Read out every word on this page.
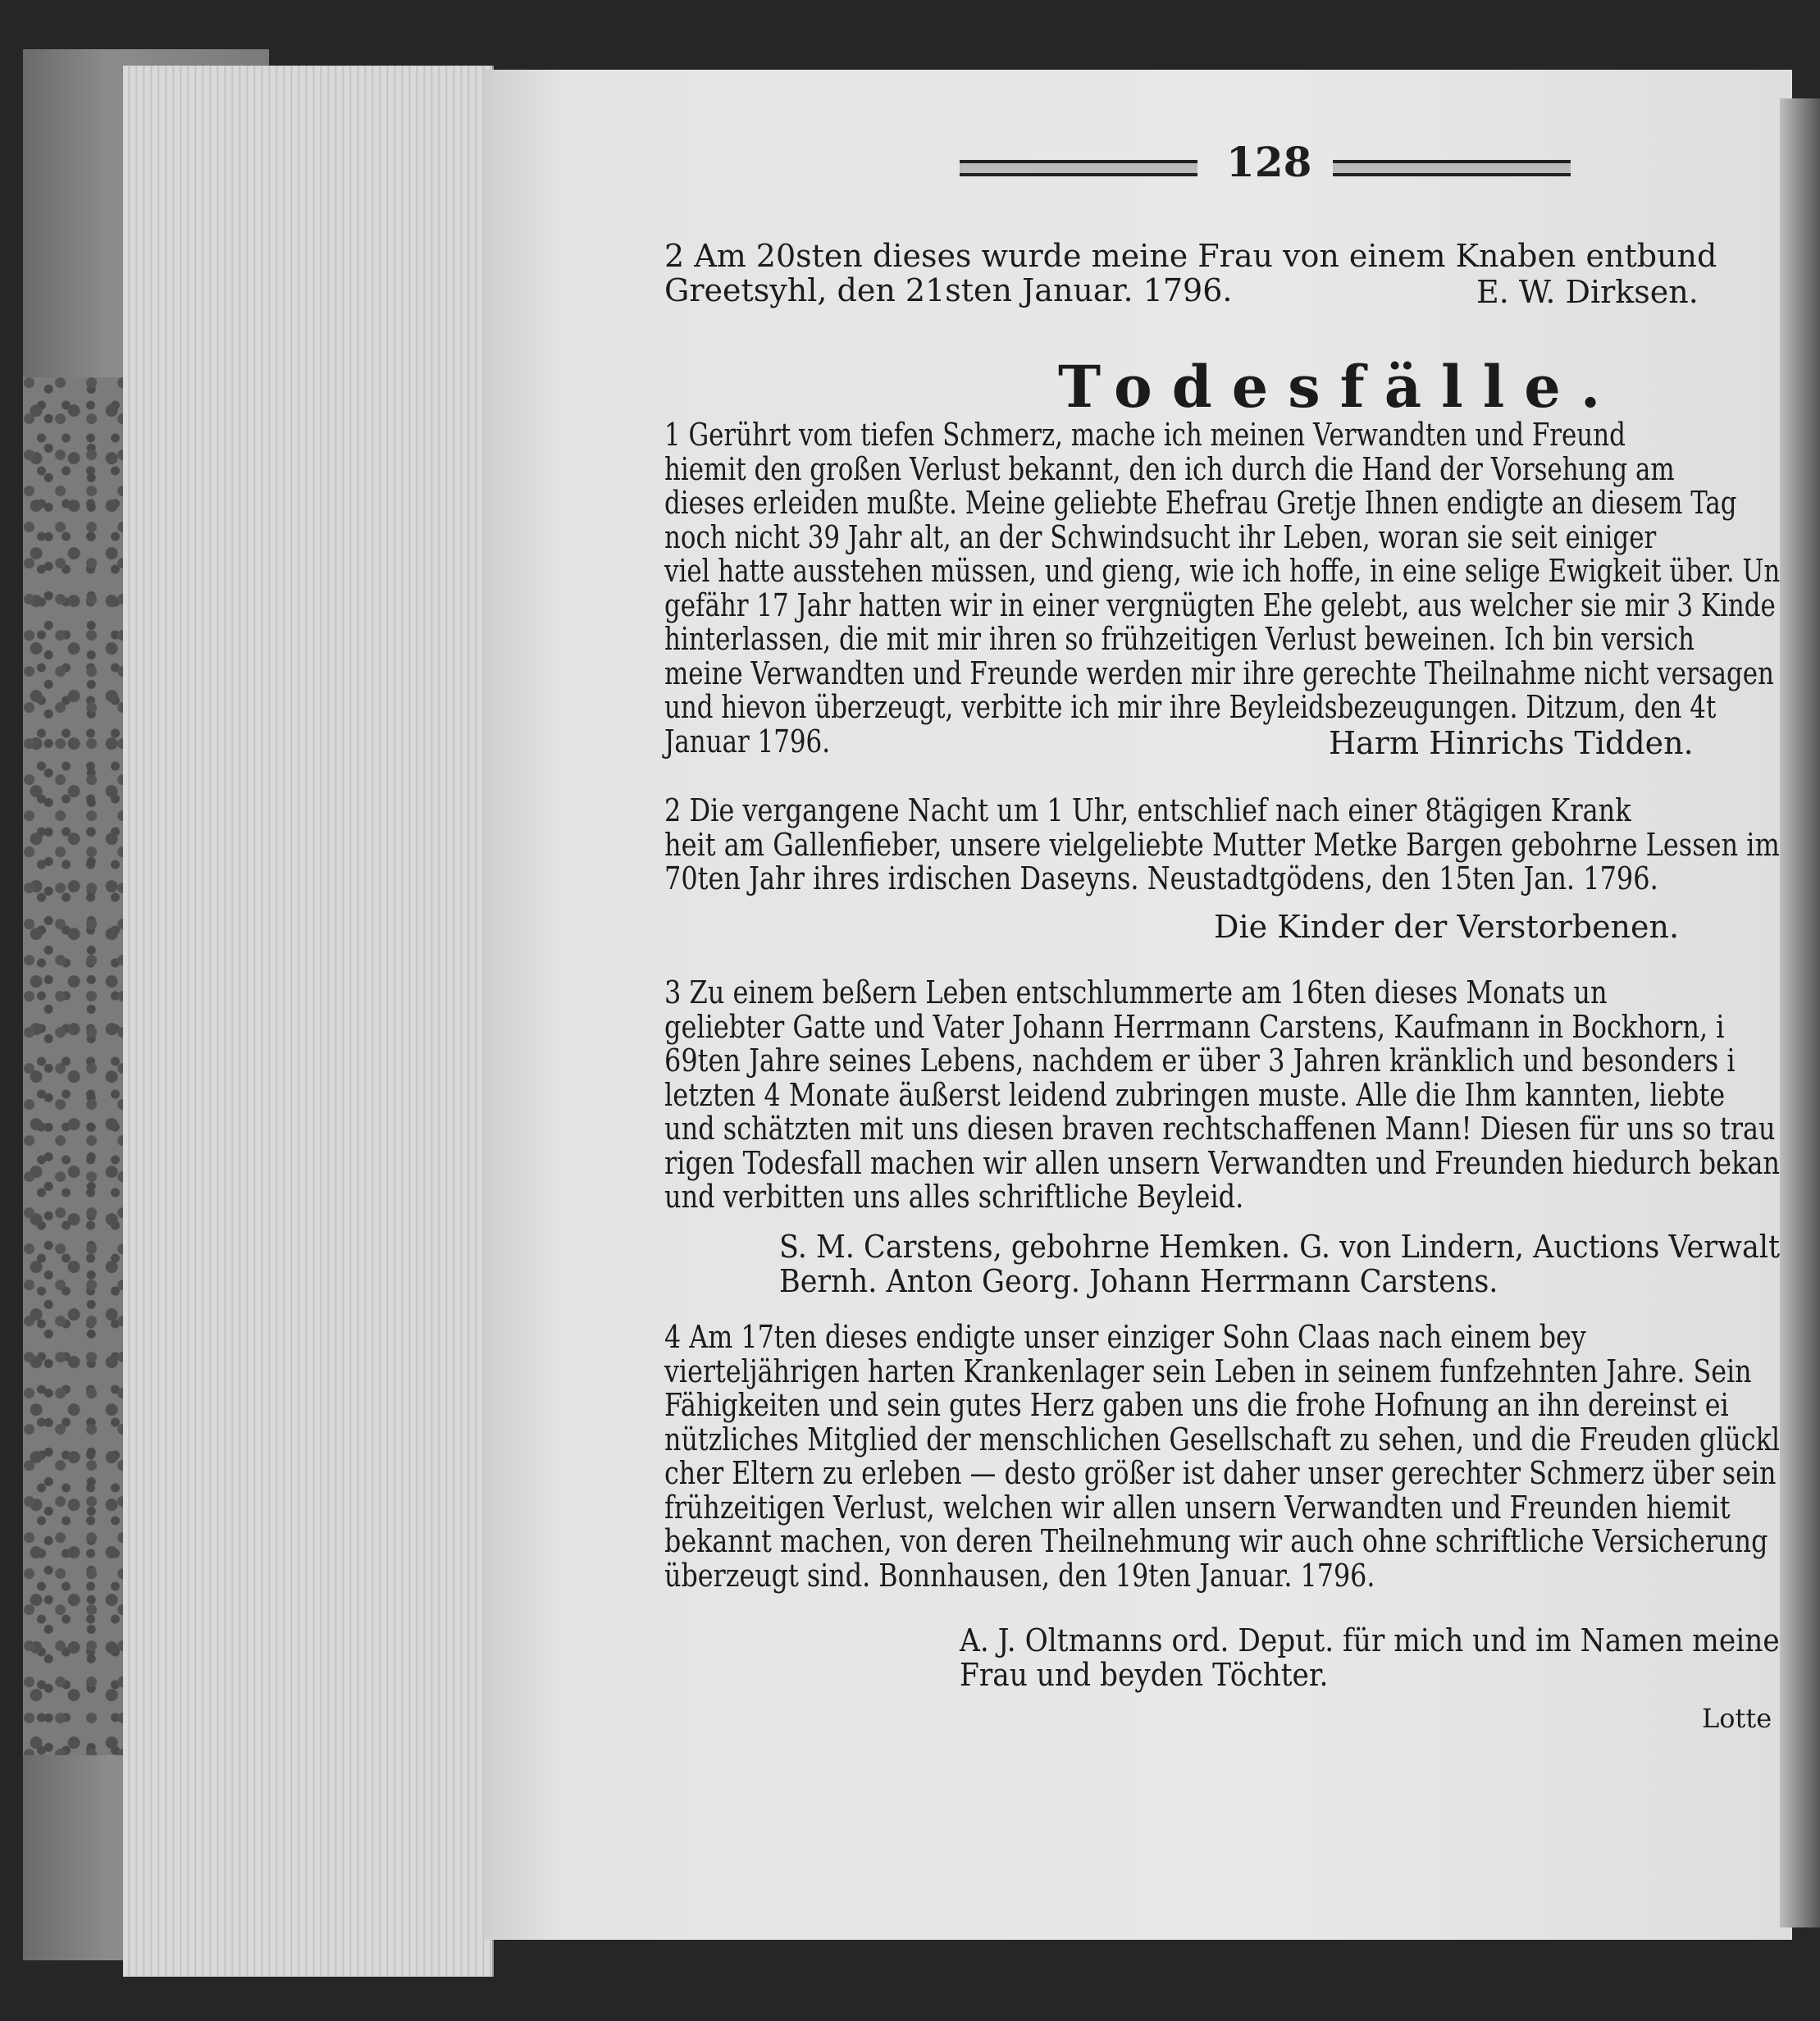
128
2 Am 20sten dieses wurde meine Frau von einem Knaben entbund
Greetsyhl, den 21sten Januar. 1796.	E. W. Dirksen.
Todesfälle.
1 Gerührt vom tiefen Schmerz, mache ich meinen Verwandten und Freund
hiemit den großen Verlust bekannt, den ich durch die Hand der Vorsehung am
dieses erleiden mußte. Meine geliebte Ehefrau Gretje Ihnen endigte an diesem Tag
noch nicht 39 Jahr alt, an der Schwindsucht ihr Leben, woran sie seit einiger
viel hatte ausstehen müssen, und gieng, wie ich hoffe, in eine selige Ewigkeit über. Un
gefähr 17 Jahr hatten wir in einer vergnügten Ehe gelebt, aus welcher sie mir 3 Kinde
hinterlassen, die mit mir ihren so frühzeitigen Verlust beweinen. Ich bin versich
meine Verwandten und Freunde werden mir ihre gerechte Theilnahme nicht versagen
und hievon überzeugt, verbitte ich mir ihre Beyleidsbezeugungen. Ditzum, den 4t
Januar 1796.	Harm Hinrichs Tidden.
2 Die vergangene Nacht um 1 Uhr, entschlief nach einer 8tägigen Krank
heit am Gallenfieber, unsere vielgeliebte Mutter Metke Bargen gebohrne Lessen im
70ten Jahr ihres irdischen Daseyns. Neustadtgödens, den 15ten Jan. 1796.
Die Kinder der Verstorbenen.
3 Zu einem beßern Leben entschlummerte am 16ten dieses Monats un
geliebter Gatte und Vater Johann Herrmann Carstens, Kaufmann in Bockhorn, i
69ten Jahre seines Lebens, nachdem er über 3 Jahren kränklich und besonders i
letzten 4 Monate äußerst leidend zubringen muste. Alle die Ihm kannten, liebte
und schätzten mit uns diesen braven rechtschaffenen Mann! Diesen für uns so trau
rigen Todesfall machen wir allen unsern Verwandten und Freunden hiedurch bekan
und verbitten uns alles schriftliche Beyleid.
S. M. Carstens, gebohrne Hemken. G. von Lindern, Auctions Verwalt
Bernh. Anton Georg. Johann Herrmann Carstens.
4 Am 17ten dieses endigte unser einziger Sohn Claas nach einem bey
vierteljährigen harten Krankenlager sein Leben in seinem funfzehnten Jahre. Sein
Fähigkeiten und sein gutes Herz gaben uns die frohe Hofnung an ihn dereinst ei
nützliches Mitglied der menschlichen Gesellschaft zu sehen, und die Freuden glückl
cher Eltern zu erleben — desto größer ist daher unser gerechter Schmerz über sein
frühzeitigen Verlust, welchen wir allen unsern Verwandten und Freunden hiemit
bekannt machen, von deren Theilnehmung wir auch ohne schriftliche Versicherung
überzeugt sind. Bonnhausen, den 19ten Januar. 1796.
A. J. Oltmanns ord. Deput. für mich und im Namen meine
Frau und beyden Töchter.
Lotte
